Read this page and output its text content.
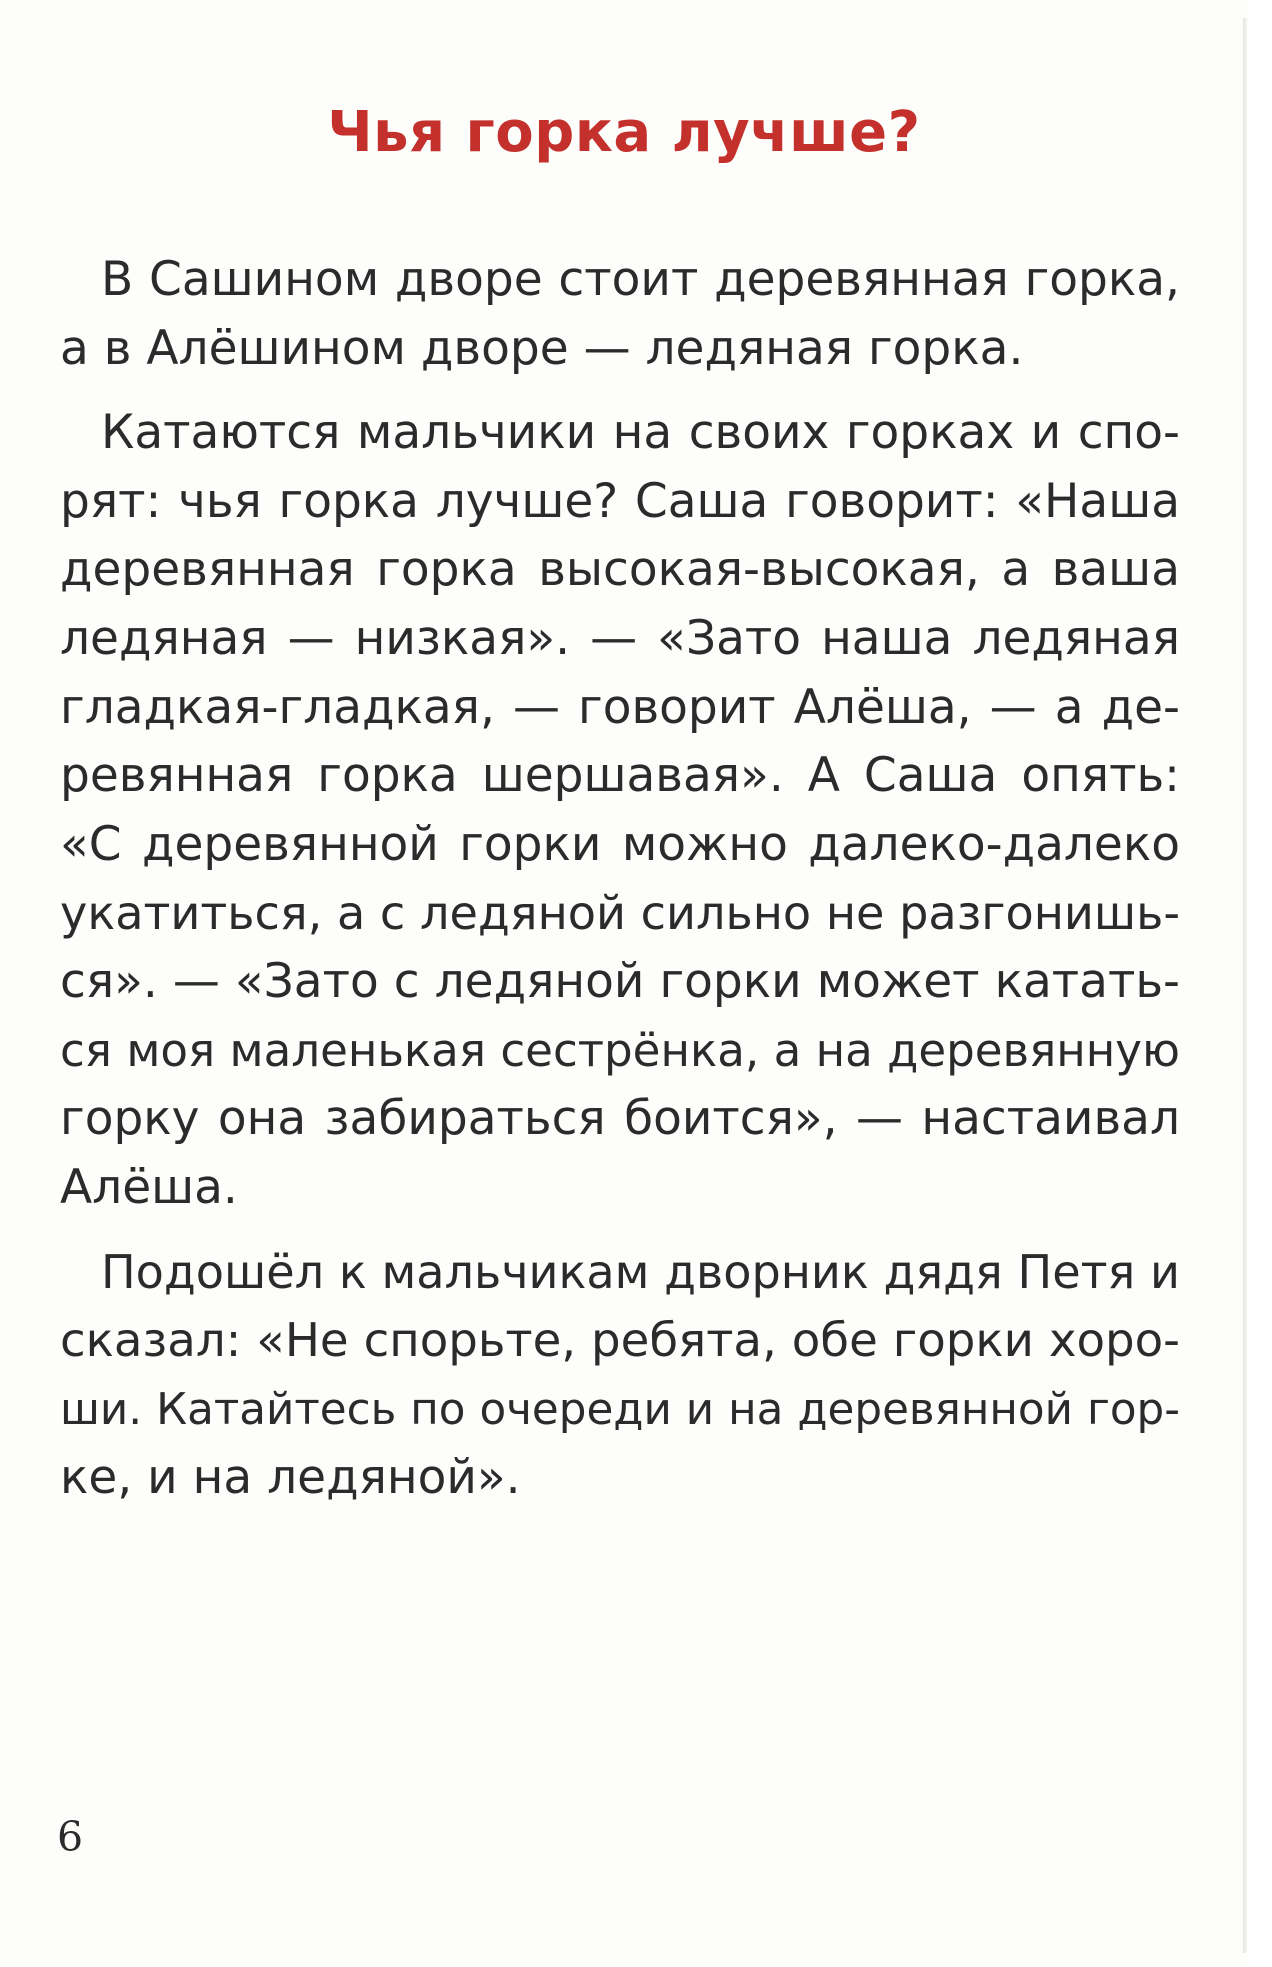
Чья горка лучше?

В Сашином дворе стоит деревянная горка,
а в Алёшином дворе — ледяная горка.

Катаются мальчики на своих горках и спо-
рят: чья горка лучше? Саша говорит: «Наша
деревянная горка высокая-высокая, а ваша
ледяная — низкая». — «Зато наша ледяная
гладкая-гладкая, — говорит Алёша, — а де-
ревянная горка шершавая». А Саша опять:
«С деревянной горки можно далеко-далеко
укатиться, а с ледяной сильно не разгонишь-
ся». — «Зато с ледяной горки может катать-
ся моя маленькая сестрёнка, а на деревянную
горку она забираться боится», — настаивал
Алёша.

Подошёл к мальчикам дворник дядя Петя и
сказал: «Не спорьте, ребята, обе горки хоро-
ши. Катайтесь по очереди и на деревянной гор-
ке, и на ледяной».

6
